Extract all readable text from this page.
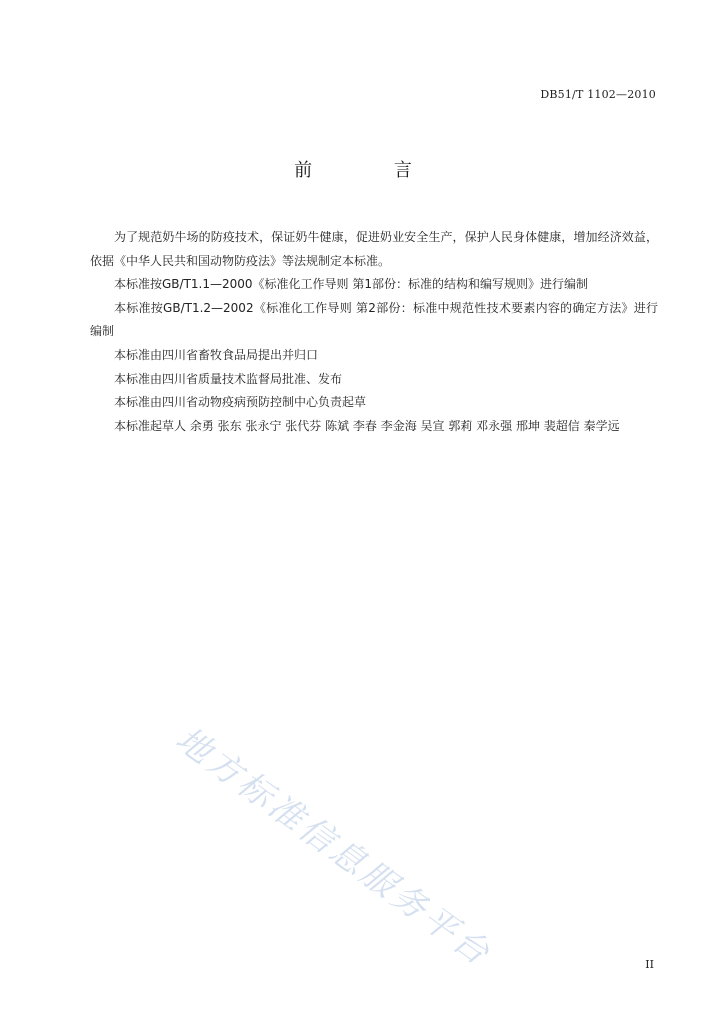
DB51/T 1102—2010
前 言

为了规范奶牛场的防疫技术，保证奶牛健康，促进奶业安全生产，保护人民身体健康，增加经济效益，依据《中华人民共和国动物防疫法》等法规制定本标准。

本标准按GB/T1.1—2000《标准化工作导则 第1部份：标准的结构和编写规则》进行编制

本标准按GB/T1.2—2002《标准化工作导则 第2部份：标准中规范性技术要素内容的确定方法》进行编制

本标准由四川省畜牧食品局提出并归口

本标准由四川省质量技术监督局批准、发布

本标准由四川省动物疫病预防控制中心负责起草

本标准起草人 余勇 张东 张永宁 张代芬 陈斌 李春 李金海 吴宣 郭莉 邓永强 邢坤 裴超信 秦学远

地方标准信息服务平台	II
